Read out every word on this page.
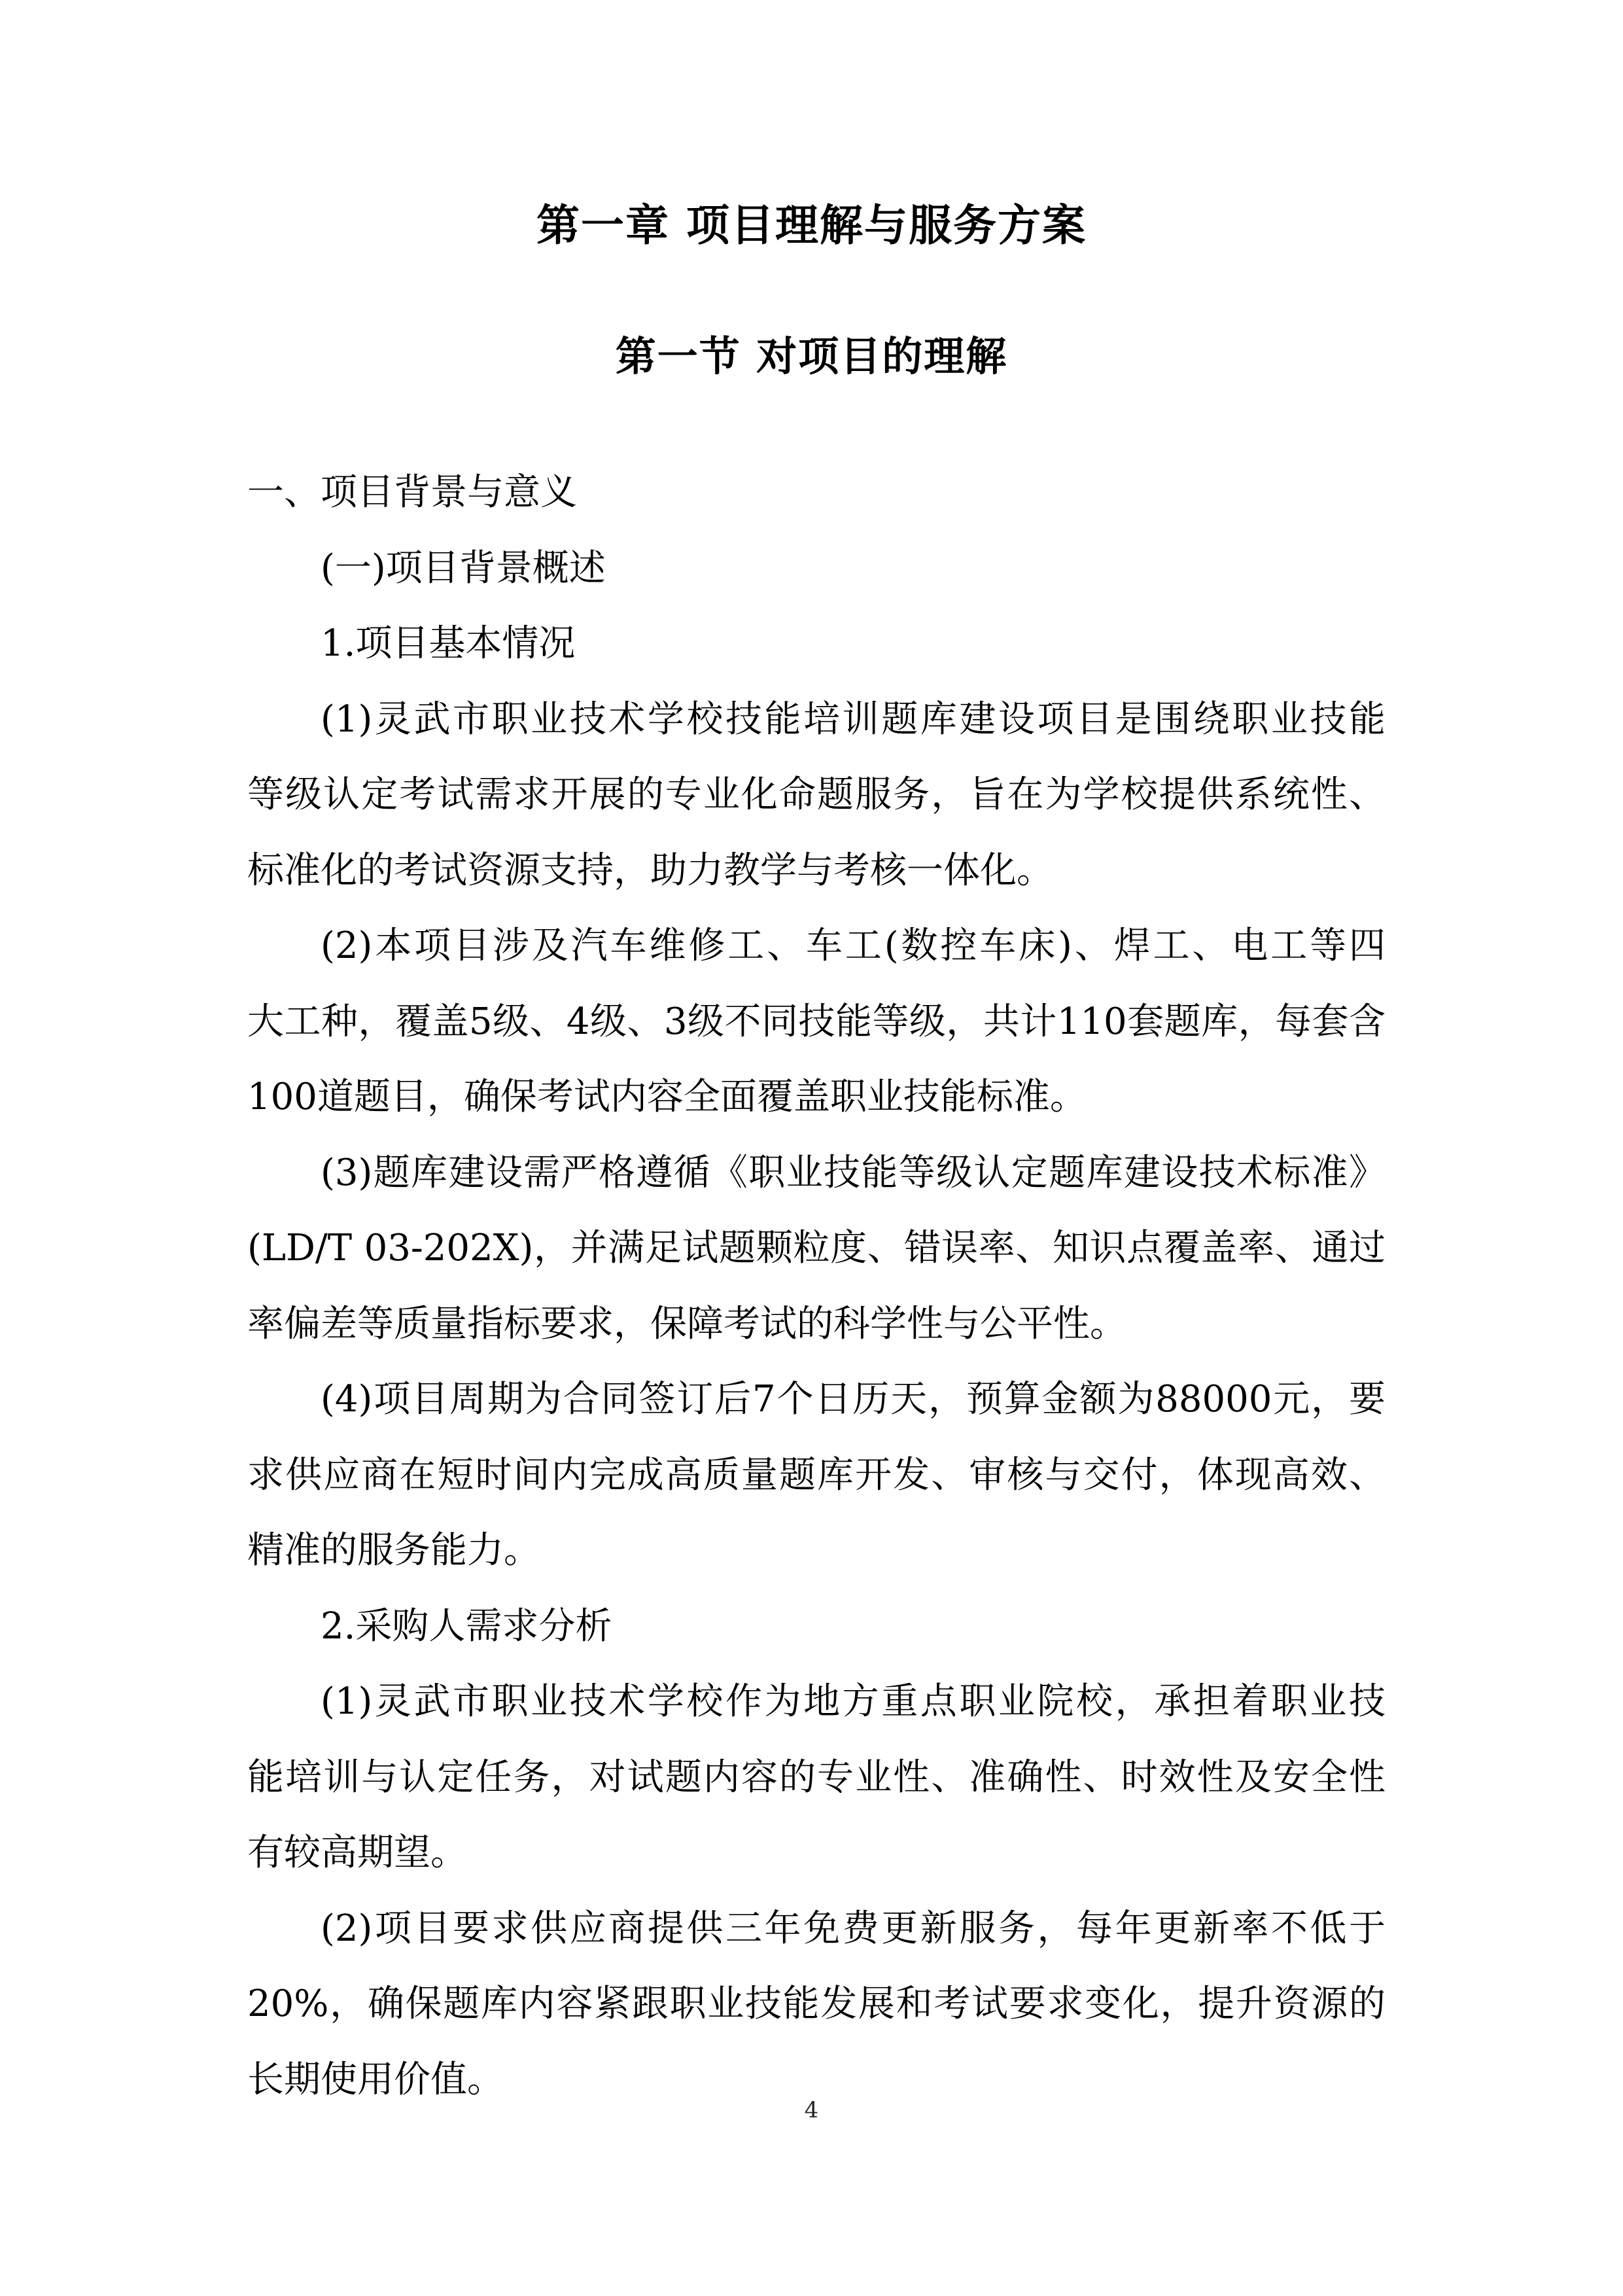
第一章 项目理解与服务方案
第一节 对项目的理解
一、项目背景与意义
(一)项目背景概述
1.项目基本情况
(1)灵武市职业技术学校技能培训题库建设项目是围绕职业技能
等级认定考试需求开展的专业化命题服务，旨在为学校提供系统性、
标准化的考试资源支持，助力教学与考核一体化。
(2)本项目涉及汽车维修工、车工(数控车床)、焊工、电工等四
大工种，覆盖5级、4级、3级不同技能等级，共计110套题库，每套含
100道题目，确保考试内容全面覆盖职业技能标准。
(3)题库建设需严格遵循《职业技能等级认定题库建设技术标准》
(LD/T 03-202X)，并满足试题颗粒度、错误率、知识点覆盖率、通过
率偏差等质量指标要求，保障考试的科学性与公平性。
(4)项目周期为合同签订后7个日历天，预算金额为88000元，要
求供应商在短时间内完成高质量题库开发、审核与交付，体现高效、
精准的服务能力。
2.采购人需求分析
(1)灵武市职业技术学校作为地方重点职业院校，承担着职业技
能培训与认定任务，对试题内容的专业性、准确性、时效性及安全性
有较高期望。
(2)项目要求供应商提供三年免费更新服务，每年更新率不低于
20%，确保题库内容紧跟职业技能发展和考试要求变化，提升资源的
长期使用价值。
4
